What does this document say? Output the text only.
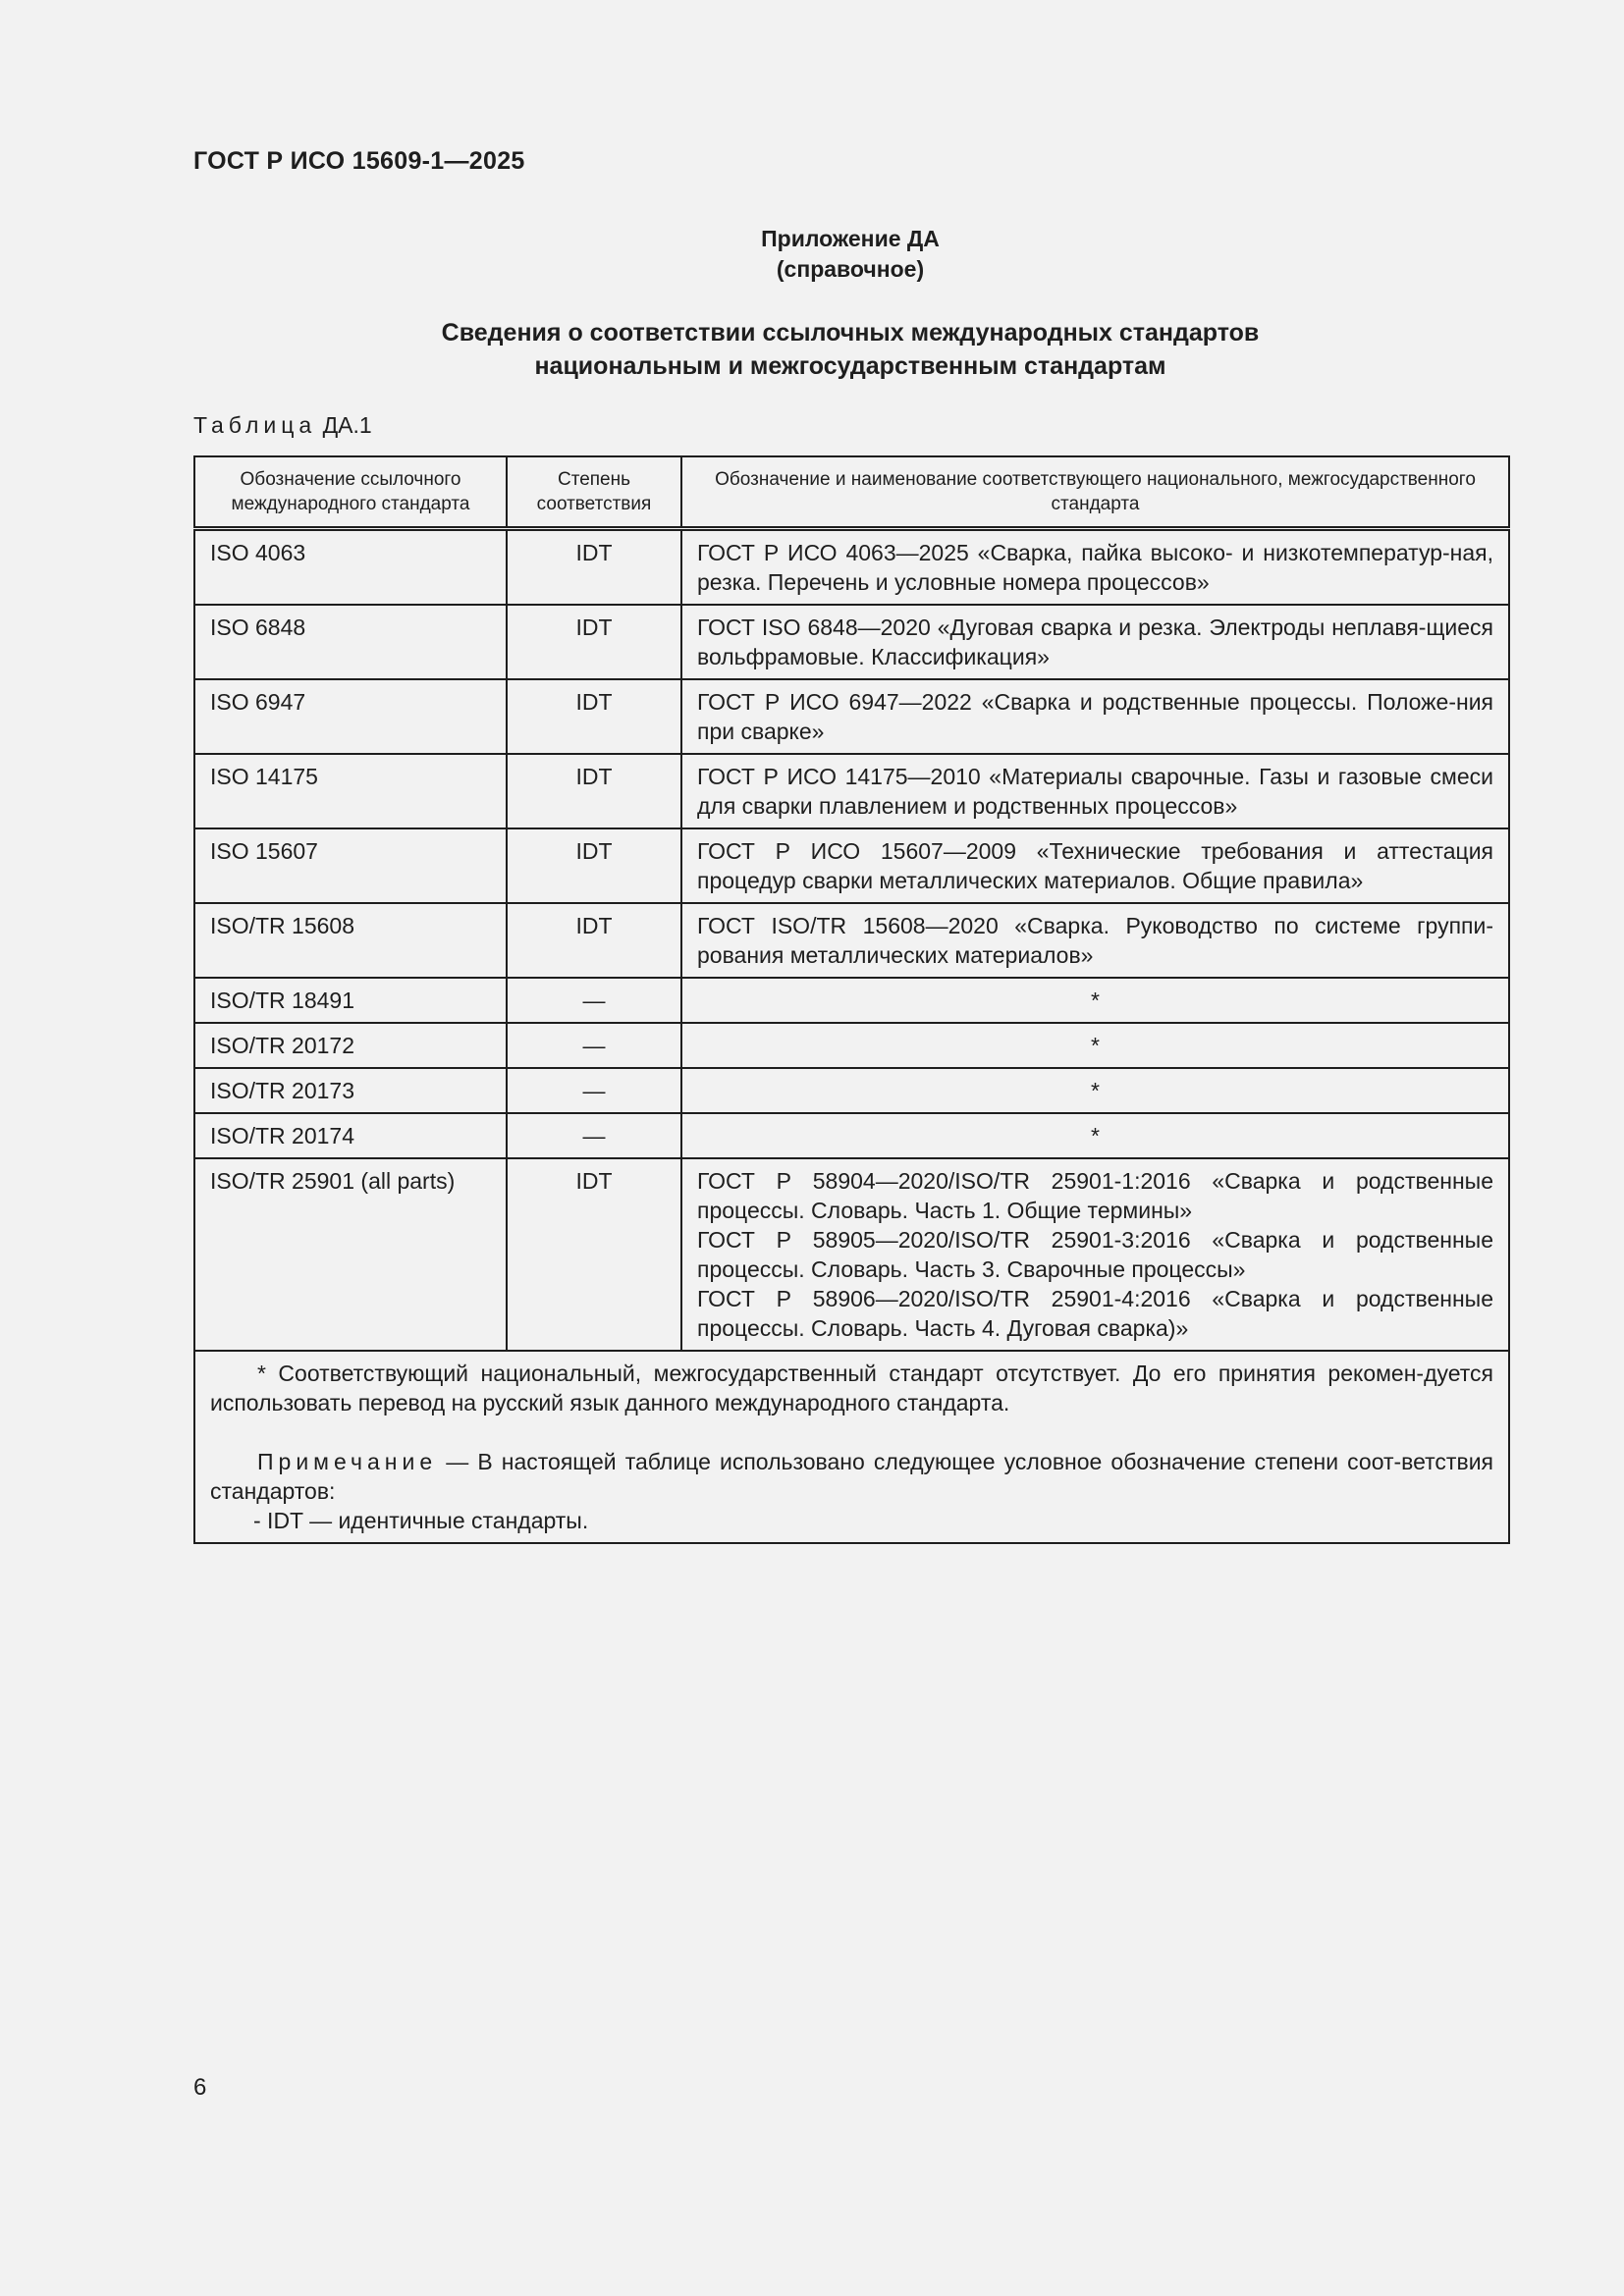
ГОСТ Р ИСО 15609-1—2025
Приложение ДА
(справочное)
Сведения о соответствии ссылочных международных стандартов
национальным и межгосударственным стандартам
Таблица ДА.1
Обозначение ссылочного международного стандарта	Степень соответствия	Обозначение и наименование соответствующего национального, межгосударственного стандарта
ISO 4063	IDT	ГОСТ Р ИСО 4063—2025 «Сварка, пайка высоко- и низкотемператур-ная, резка. Перечень и условные номера процессов»
ISO 6848	IDT	ГОСТ ISO 6848—2020 «Дуговая сварка и резка. Электроды неплавя-щиеся вольфрамовые. Классификация»
ISO 6947	IDT	ГОСТ Р ИСО 6947—2022 «Сварка и родственные процессы. Положе-ния при сварке»
ISO 14175	IDT	ГОСТ Р ИСО 14175—2010 «Материалы сварочные. Газы и газовые смеси для сварки плавлением и родственных процессов»
ISO 15607	IDT	ГОСТ Р ИСО 15607—2009 «Технические требования и аттестация процедур сварки металлических материалов. Общие правила»
ISO/TR 15608	IDT	ГОСТ ISO/TR 15608—2020 «Сварка. Руководство по системе группи-рования металлических материалов»
ISO/TR 18491	—	*
ISO/TR 20172	—	*
ISO/TR 20173	—	*
ISO/TR 20174	—	*
ISO/TR 25901 (all parts)	IDT	ГОСТ Р 58904—2020/ISO/TR 25901-1:2016 «Сварка и родственные процессы. Словарь. Часть 1. Общие термины»
ГОСТ Р 58905—2020/ISO/TR 25901-3:2016 «Сварка и родственные процессы. Словарь. Часть 3. Сварочные процессы»
ГОСТ Р 58906—2020/ISO/TR 25901-4:2016 «Сварка и родственные процессы. Словарь. Часть 4. Дуговая сварка)»

* Соответствующий национальный, межгосударственный стандарт отсутствует. До его принятия рекомен-дуется использовать перевод на русский язык данного международного стандарта.

Примечание — В настоящей таблице использовано следующее условное обозначение степени соот-ветствия стандартов:

- IDT — идентичные стандарты.		

6
